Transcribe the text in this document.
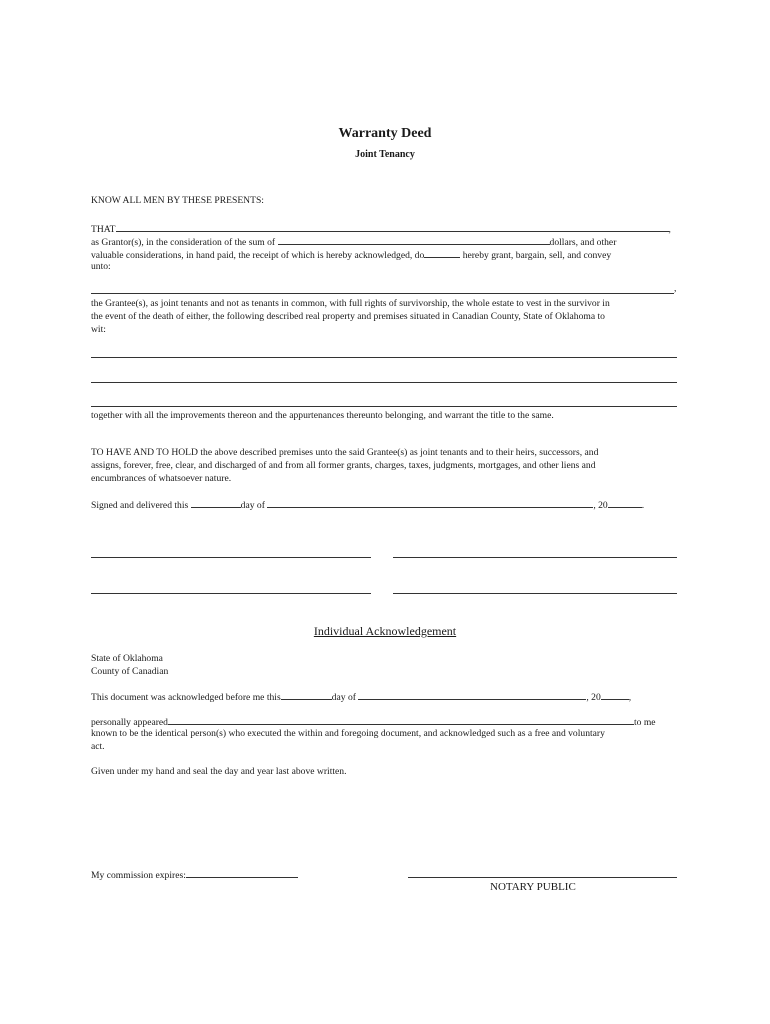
Warranty Deed
Joint Tenancy
KNOW ALL MEN BY THESE PRESENTS:
THAT	,
as Grantor(s), in the consideration of the sum of	dollars, and other
valuable considerations, in hand paid, the receipt of which is hereby acknowledged, do	hereby grant, bargain, sell, and convey
unto:
,
the Grantee(s), as joint tenants and not as tenants in common, with full rights of survivorship, the whole estate to vest in the survivor in
the event of the death of either, the following described real property and premises situated in Canadian County, State of Oklahoma to
wit:
together with all the improvements thereon and the appurtenances thereunto belonging, and warrant the title to the same.
TO HAVE AND TO HOLD the above described premises unto the said Grantee(s) as joint tenants and to their heirs, successors, and
assigns, forever, free, clear, and discharged of and from all former grants, charges, taxes, judgments, mortgages, and other liens and
encumbrances of whatsoever nature.
Signed and delivered this	day of	, 20	.
Individual Acknowledgement
State of Oklahoma
County of Canadian
This document was acknowledged before me this	day of	, 20	,
personally appeared	to me
known to be the identical person(s) who executed the within and foregoing document, and acknowledged such as a free and voluntary
act.
Given under my hand and seal the day and year last above written.
My commission expires:
NOTARY PUBLIC
